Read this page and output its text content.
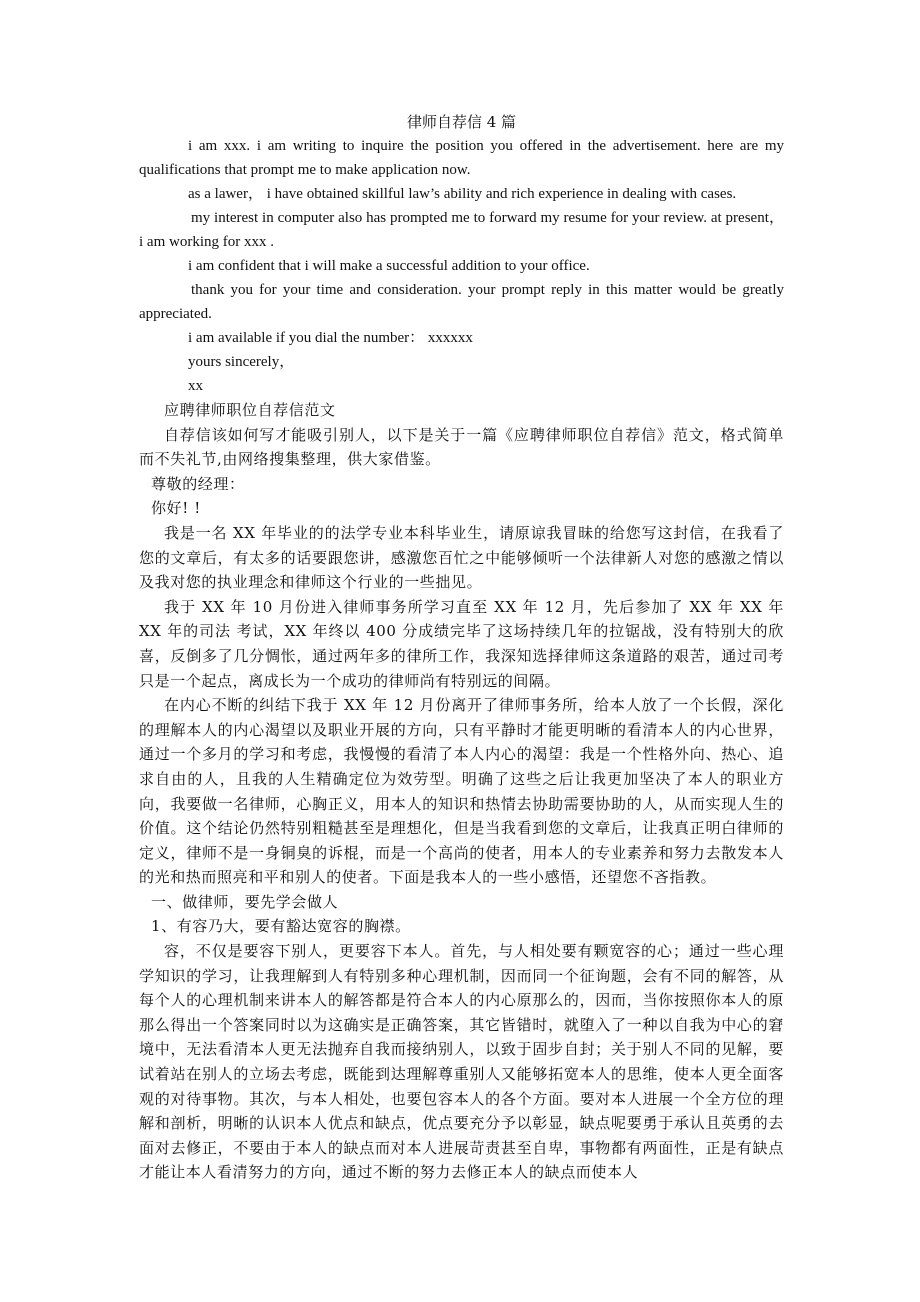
律师自荐信 4 篇

i am xxx. i am writing to inquire the position you offered in the advertisement. here are my qualifications that prompt me to make application now.

as a lawer， i have obtained skillful law’s ability and rich experience in dealing with cases.

my interest in computer also has prompted me to forward my resume for your review. at present， i am working for xxx .

i am confident that i will make a successful addition to your office.

thank you for your time and consideration. your prompt reply in this matter would be greatly appreciated.

i am available if you dial the number： xxxxxx

yours sincerely，

xx

应聘律师职位自荐信范文

自荐信该如何写才能吸引别人，以下是关于一篇《应聘律师职位自荐信》范文，格式简单而不失礼节,由网络搜集整理，供大家借鉴。

尊敬的经理：

你好! !

我是一名 XX 年毕业的的法学专业本科毕业生，请原谅我冒昧的给您写这封信，在我看了您的文章后，有太多的话要跟您讲，感激您百忙之中能够倾听一个法律新人对您的感激之情以及我对您的执业理念和律师这个行业的一些拙见。

我于 XX 年 10 月份进入律师事务所学习直至 XX 年 12 月，先后参加了 XX 年 XX 年 XX 年的司法 考试，XX 年终以 400 分成绩完毕了这场持续几年的拉锯战，没有特别大的欣喜，反倒多了几分惆怅，通过两年多的律所工作，我深知选择律师这条道路的艰苦，通过司考只是一个起点，离成长为一个成功的律师尚有特别远的间隔。

在内心不断的纠结下我于 XX 年 12 月份离开了律师事务所，给本人放了一个长假，深化的理解本人的内心渴望以及职业开展的方向，只有平静时才能更明晰的看清本人的内心世界，通过一个多月的学习和考虑，我慢慢的看清了本人内心的渴望：我是一个性格外向、热心、追求自由的人，且我的人生精确定位为效劳型。明确了这些之后让我更加坚决了本人的职业方向，我要做一名律师，心胸正义，用本人的知识和热情去协助需要协助的人，从而实现人生的价值。这个结论仍然特别粗糙甚至是理想化，但是当我看到您的文章后，让我真正明白律师的定义，律师不是一身铜臭的诉棍，而是一个高尚的使者，用本人的专业素养和努力去散发本人的光和热而照亮和平和别人的使者。下面是我本人的一些小感悟，还望您不吝指教。

一、做律师，要先学会做人

1、有容乃大，要有豁达宽容的胸襟。

容，不仅是要容下别人，更要容下本人。首先，与人相处要有颗宽容的心；通过一些心理学知识的学习，让我理解到人有特别多种心理机制，因而同一个征询题，会有不同的解答，从每个人的心理机制来讲本人的解答都是符合本人的内心原那么的，因而，当你按照你本人的原那么得出一个答案同时以为这确实是正确答案，其它皆错时，就堕入了一种以自我为中心的窘境中，无法看清本人更无法抛弃自我而接纳别人，以致于固步自封；关于别人不同的见解，要试着站在别人的立场去考虑，既能到达理解尊重别人又能够拓宽本人的思维，使本人更全面客观的对待事物。其次，与本人相处，也要包容本人的各个方面。要对本人进展一个全方位的理解和剖析，明晰的认识本人优点和缺点，优点要充分予以彰显，缺点呢要勇于承认且英勇的去面对去修正，不要由于本人的缺点而对本人进展苛责甚至自卑，事物都有两面性，正是有缺点才能让本人看清努力的方向，通过不断的努力去修正本人的缺点而使本人
